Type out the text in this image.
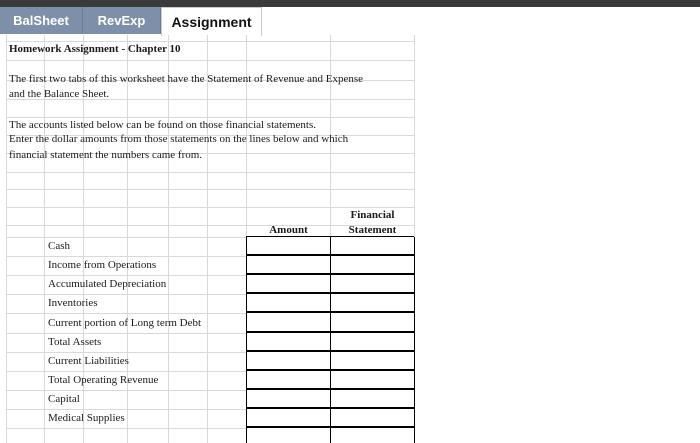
BalSheet	RevExp	Assignment
Homework Assignment - Chapter 10
The first two tabs of this worksheet have the Statement of Revenue and Expense
and the Balance Sheet.
The accounts listed below can be found on those financial statements.
Enter the dollar amounts from those statements on the lines below and which
financial statement the numbers came from.
Amount
Financial
Statement
Cash
Income from Operations
Accumulated Depreciation
Inventories
Current portion of Long term Debt
Total Assets
Current Liabilities
Total Operating Revenue
Capital
Medical Supplies
